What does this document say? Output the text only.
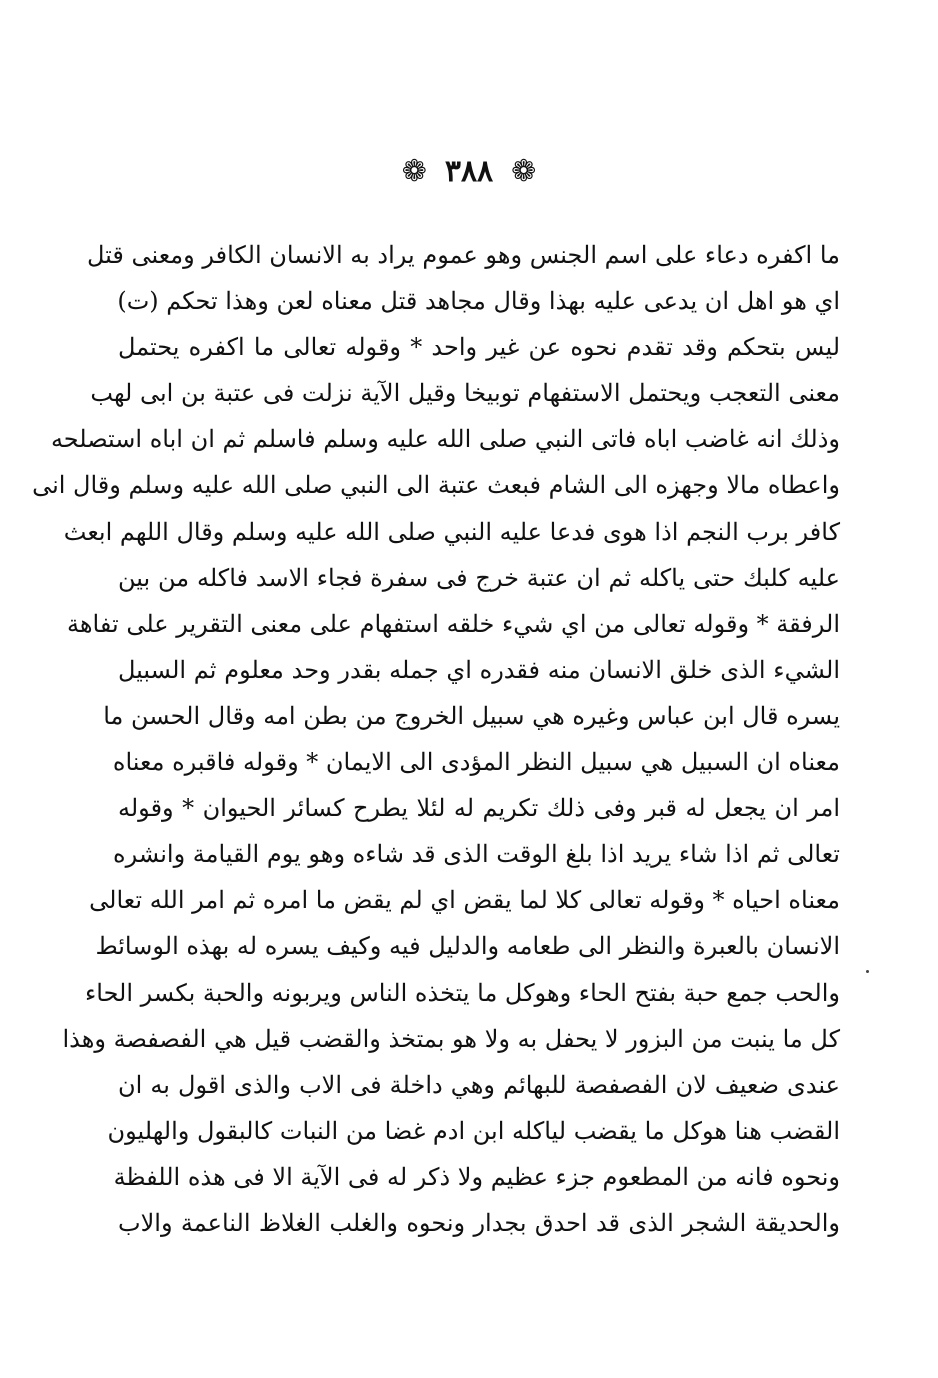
❁ ٣٨٨ ❁
ما اكفره دعاء على اسم الجنس وهو عموم يراد به الانسان الكافر ومعنى قتل
اي هو اهل ان يدعى عليه بهذا وقال مجاهد قتل معناه لعن وهذا تحكم (ت)
ليس بتحكم وقد تقدم نحوه عن غير واحد * وقوله تعالى ما اكفره يحتمل
معنى التعجب ويحتمل الاستفهام توبيخا وقيل الآية نزلت فى عتبة بن ابى لهب
وذلك انه غاضب اباه فاتى النبي صلى الله عليه وسلم فاسلم ثم ان اباه استصلحه
واعطاه مالا وجهزه الى الشام فبعث عتبة الى النبي صلى الله عليه وسلم وقال انى
كافر برب النجم اذا هوى فدعا عليه النبي صلى الله عليه وسلم وقال اللهم ابعث
عليه كلبك حتى ياكله ثم ان عتبة خرج فى سفرة فجاء الاسد فاكله من بين
الرفقة * وقوله تعالى من اي شيء خلقه استفهام على معنى التقرير على تفاهة
الشيء الذى خلق الانسان منه فقدره اي جمله بقدر وحد معلوم ثم السبيل
يسره قال ابن عباس وغيره هي سبيل الخروج من بطن امه وقال الحسن ما
معناه ان السبيل هي سبيل النظر المؤدى الى الايمان * وقوله فاقبره معناه
امر ان يجعل له قبر وفى ذلك تكريم له لئلا يطرح كسائر الحيوان * وقوله
تعالى ثم اذا شاء يريد اذا بلغ الوقت الذى قد شاءه وهو يوم القيامة وانشره
معناه احياه * وقوله تعالى كلا لما يقض اي لم يقض ما امره ثم امر الله تعالى
الانسان بالعبرة والنظر الى طعامه والدليل فيه وكيف يسره له بهذه الوسائط
والحب جمع حبة بفتح الحاء وهوكل ما يتخذه الناس ويربونه والحبة بكسر الحاء
كل ما ينبت من البزور لا يحفل به ولا هو بمتخذ والقضب قيل هي الفصفصة وهذا
عندى ضعيف لان الفصفصة للبهائم وهي داخلة فى الاب والذى اقول به ان
القضب هنا هوكل ما يقضب لياكله ابن ادم غضا من النبات كالبقول والهليون
ونحوه فانه من المطعوم جزء عظيم ولا ذكر له فى الآية الا فى هذه اللفظة
والحديقة الشجر الذى قد احدق بجدار ونحوه والغلب الغلاظ الناعمة والاب
